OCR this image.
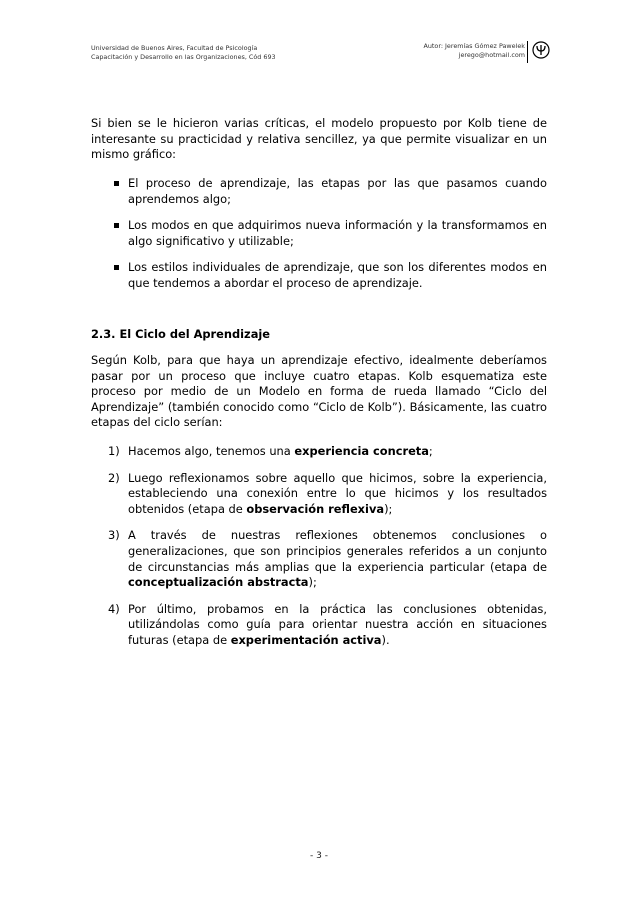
Universidad de Buenos Aires, Facultad de Psicología
Capacitación y Desarrollo en las Organizaciones, Cód 693
Autor: Jeremías Gómez Pawelek
jerego@hotmail.com

Si bien se le hicieron varias críticas, el modelo propuesto por Kolb tiene de interesante su practicidad y relativa sencillez, ya que permite visualizar en un mismo gráfico:

El proceso de aprendizaje, las etapas por las que pasamos cuando aprendemos algo;
Los modos en que adquirimos nueva información y la transformamos en algo significativo y utilizable;
Los estilos individuales de aprendizaje, que son los diferentes modos en que tendemos a abordar el proceso de aprendizaje.
2.3. El Ciclo del Aprendizaje

Según Kolb, para que haya un aprendizaje efectivo, idealmente deberíamos pasar por un proceso que incluye cuatro etapas. Kolb esquematiza este proceso por medio de un Modelo en forma de rueda llamado “Ciclo del Aprendizaje” (también conocido como “Ciclo de Kolb”). Básicamente, las cuatro etapas del ciclo serían:

1) Hacemos algo, tenemos una experiencia concreta;
2) Luego reflexionamos sobre aquello que hicimos, sobre la experiencia, estableciendo una conexión entre lo que hicimos y los resultados obtenidos (etapa de observación reflexiva);
3) A través de nuestras reflexiones obtenemos conclusiones o generalizaciones, que son principios generales referidos a un conjunto de circunstancias más amplias que la experiencia particular (etapa de conceptualización abstracta);
4) Por último, probamos en la práctica las conclusiones obtenidas, utilizándolas como guía para orientar nuestra acción en situaciones futuras (etapa de experimentación activa).
- 3 -
